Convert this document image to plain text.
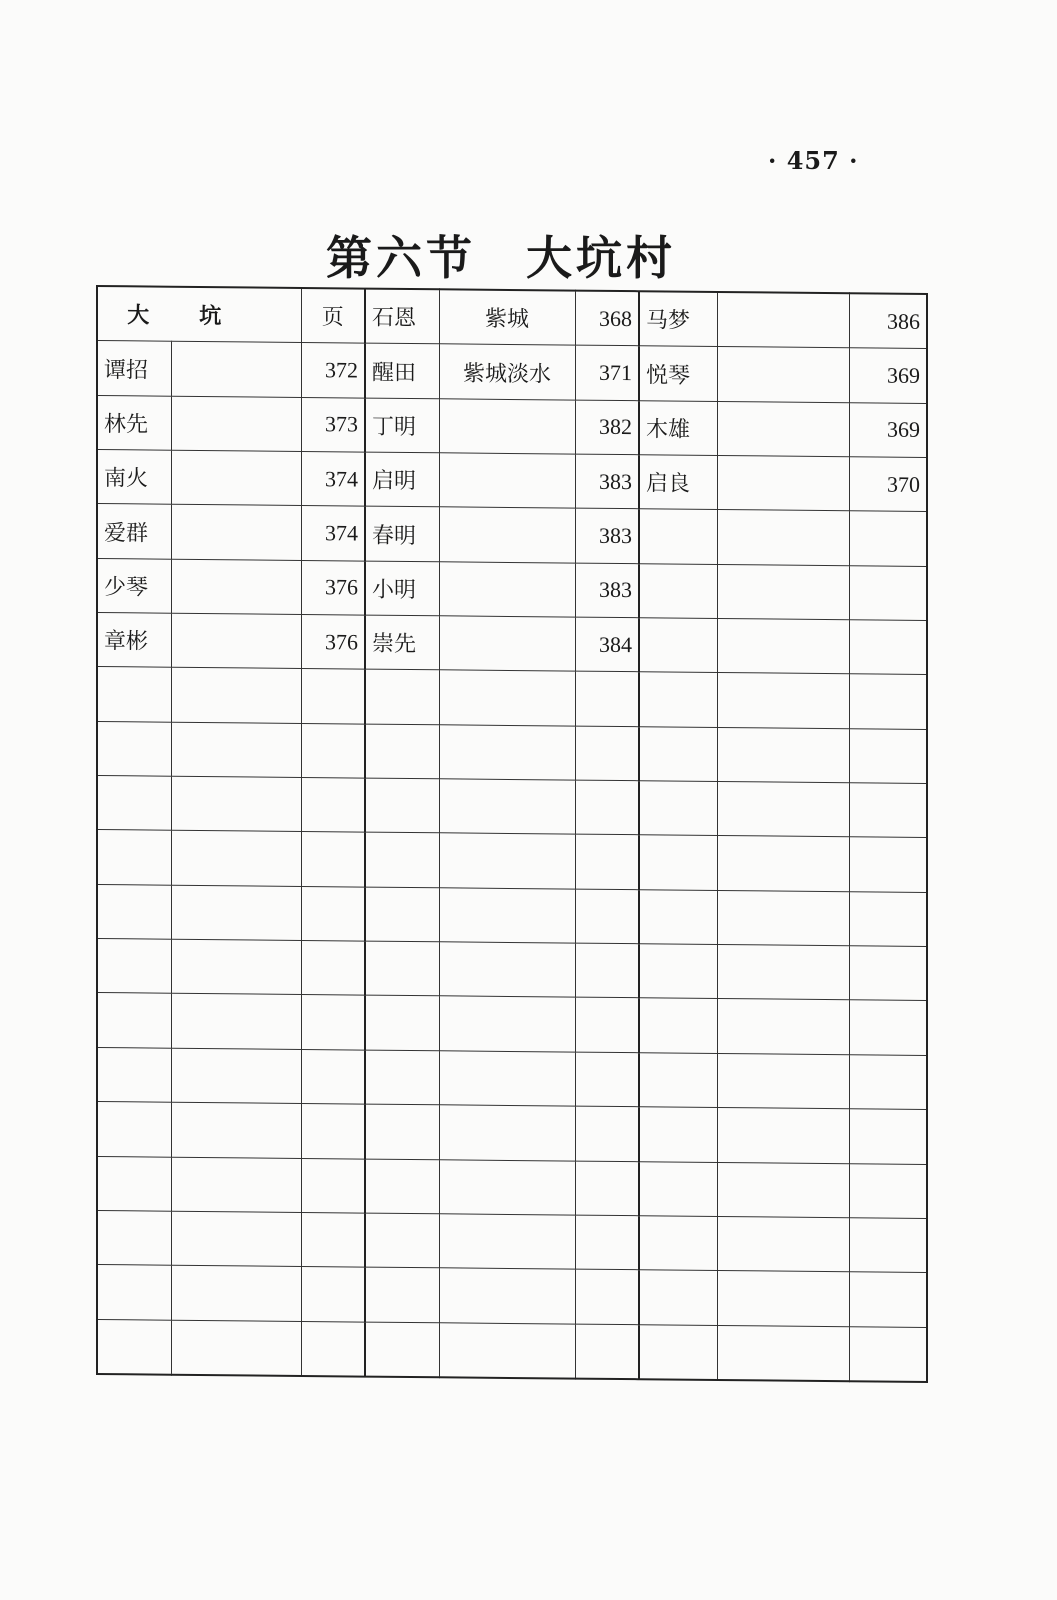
· 457 ·
第六节　大坑村
大坑		页	石恩	紫城	368	马梦		386
谭招		372	醒田	紫城淡水	371	悦琴		369
林先		373	丁明		382	木雄		369
南火		374	启明		383	启良		370
爱群		374	春明		383			
少琴		376	小明		383			
章彬		376	崇先		384			
